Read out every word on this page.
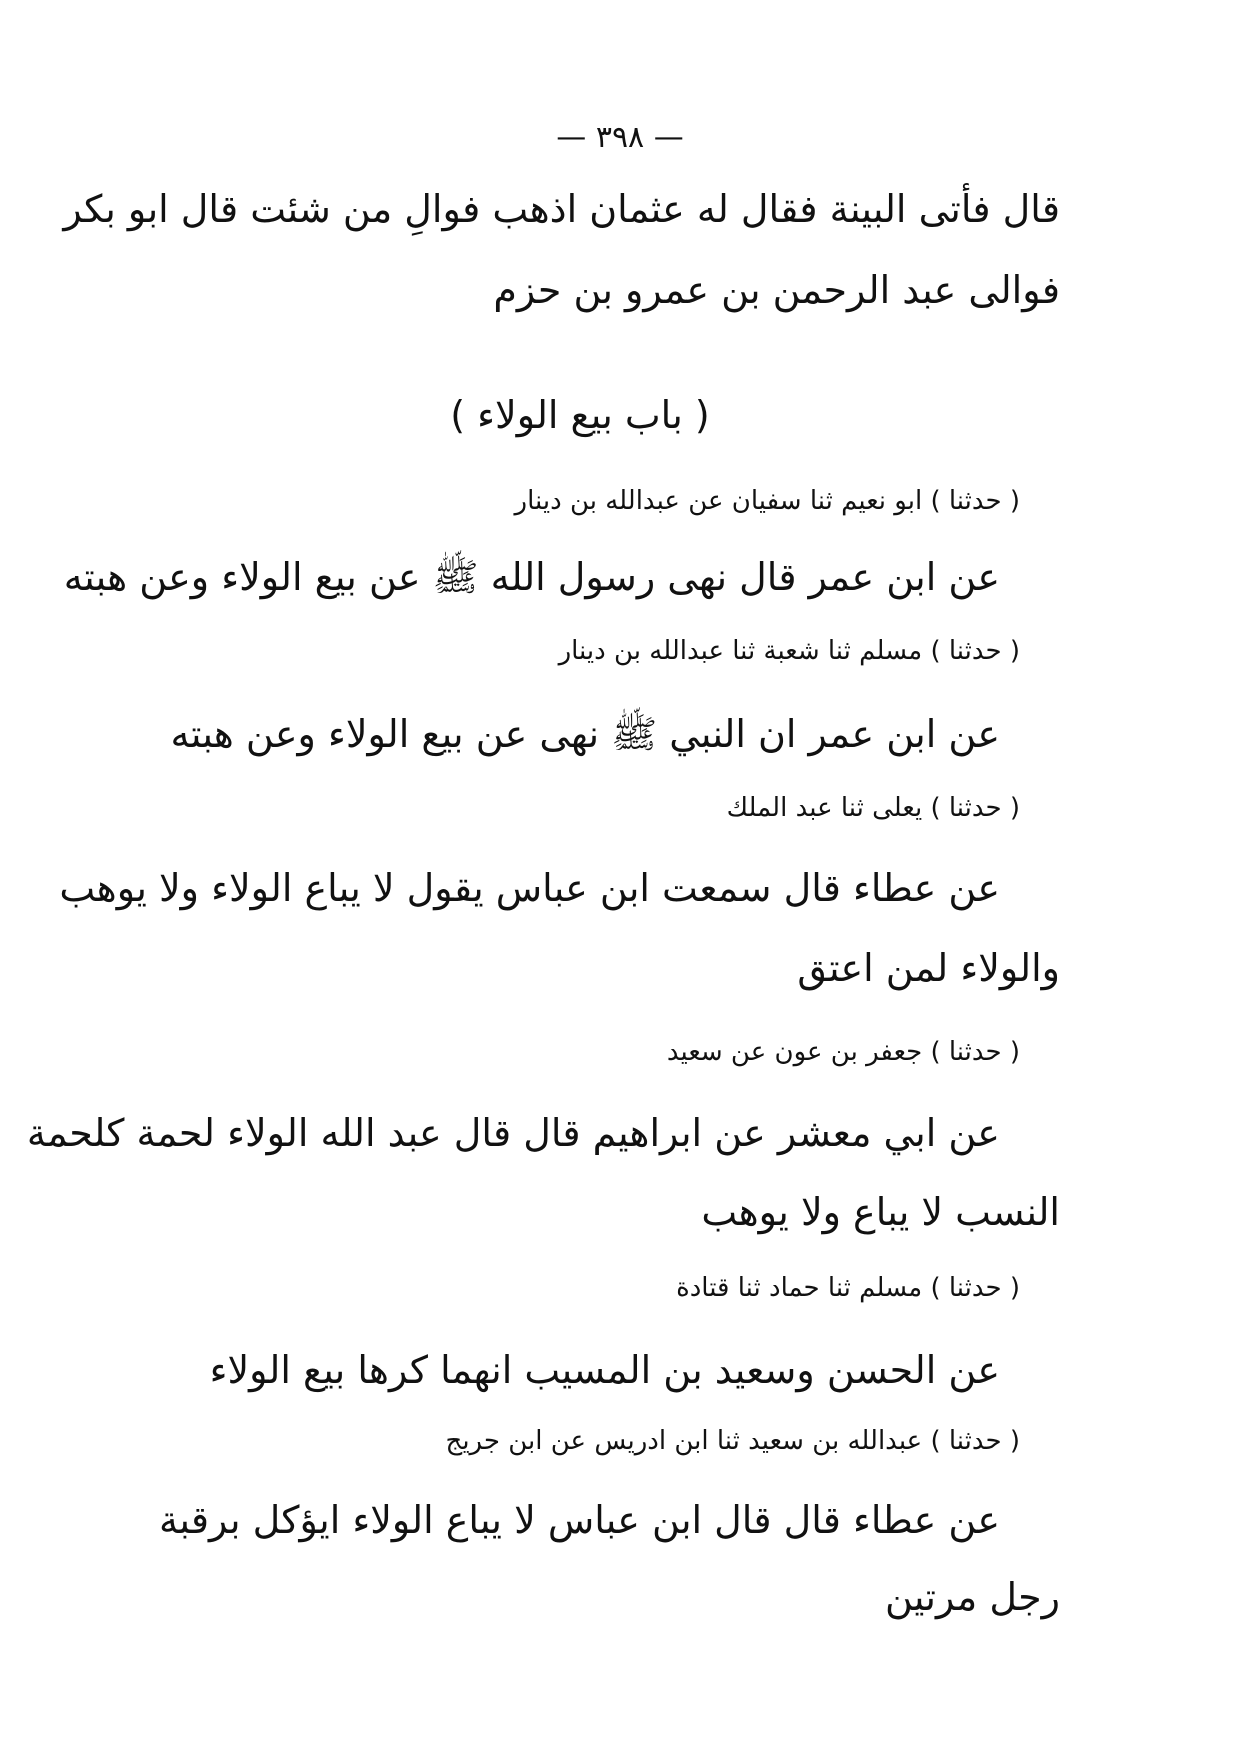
— ٣٩٨ —
قال فأتى البينة فقال له عثمان اذهب فوالِ من شئت قال ابو بكر
فوالى عبد الرحمن بن عمرو بن حزم
( باب بيع الولاء )
( حدثنا ) ابو نعيم ثنا سفيان عن عبدالله بن دينار
عن ابن عمر قال نهى رسول الله ﷺ عن بيع الولاء وعن هبته
( حدثنا ) مسلم ثنا شعبة ثنا عبدالله بن دينار
عن ابن عمر ان النبي ﷺ نهى عن بيع الولاء وعن هبته
( حدثنا ) يعلى ثنا عبد الملك
عن عطاء قال سمعت ابن عباس يقول لا يباع الولاء ولا يوهب
والولاء لمن اعتق
( حدثنا ) جعفر بن عون عن سعيد
عن ابي معشر عن ابراهيم قال قال عبد الله الولاء لحمة كلحمة
النسب لا يباع ولا يوهب
( حدثنا ) مسلم ثنا حماد ثنا قتادة
عن الحسن وسعيد بن المسيب انهما كرها بيع الولاء
( حدثنا ) عبدالله بن سعيد ثنا ابن ادريس عن ابن جريج
عن عطاء قال قال ابن عباس لا يباع الولاء ايؤكل برقبة
رجل مرتين
